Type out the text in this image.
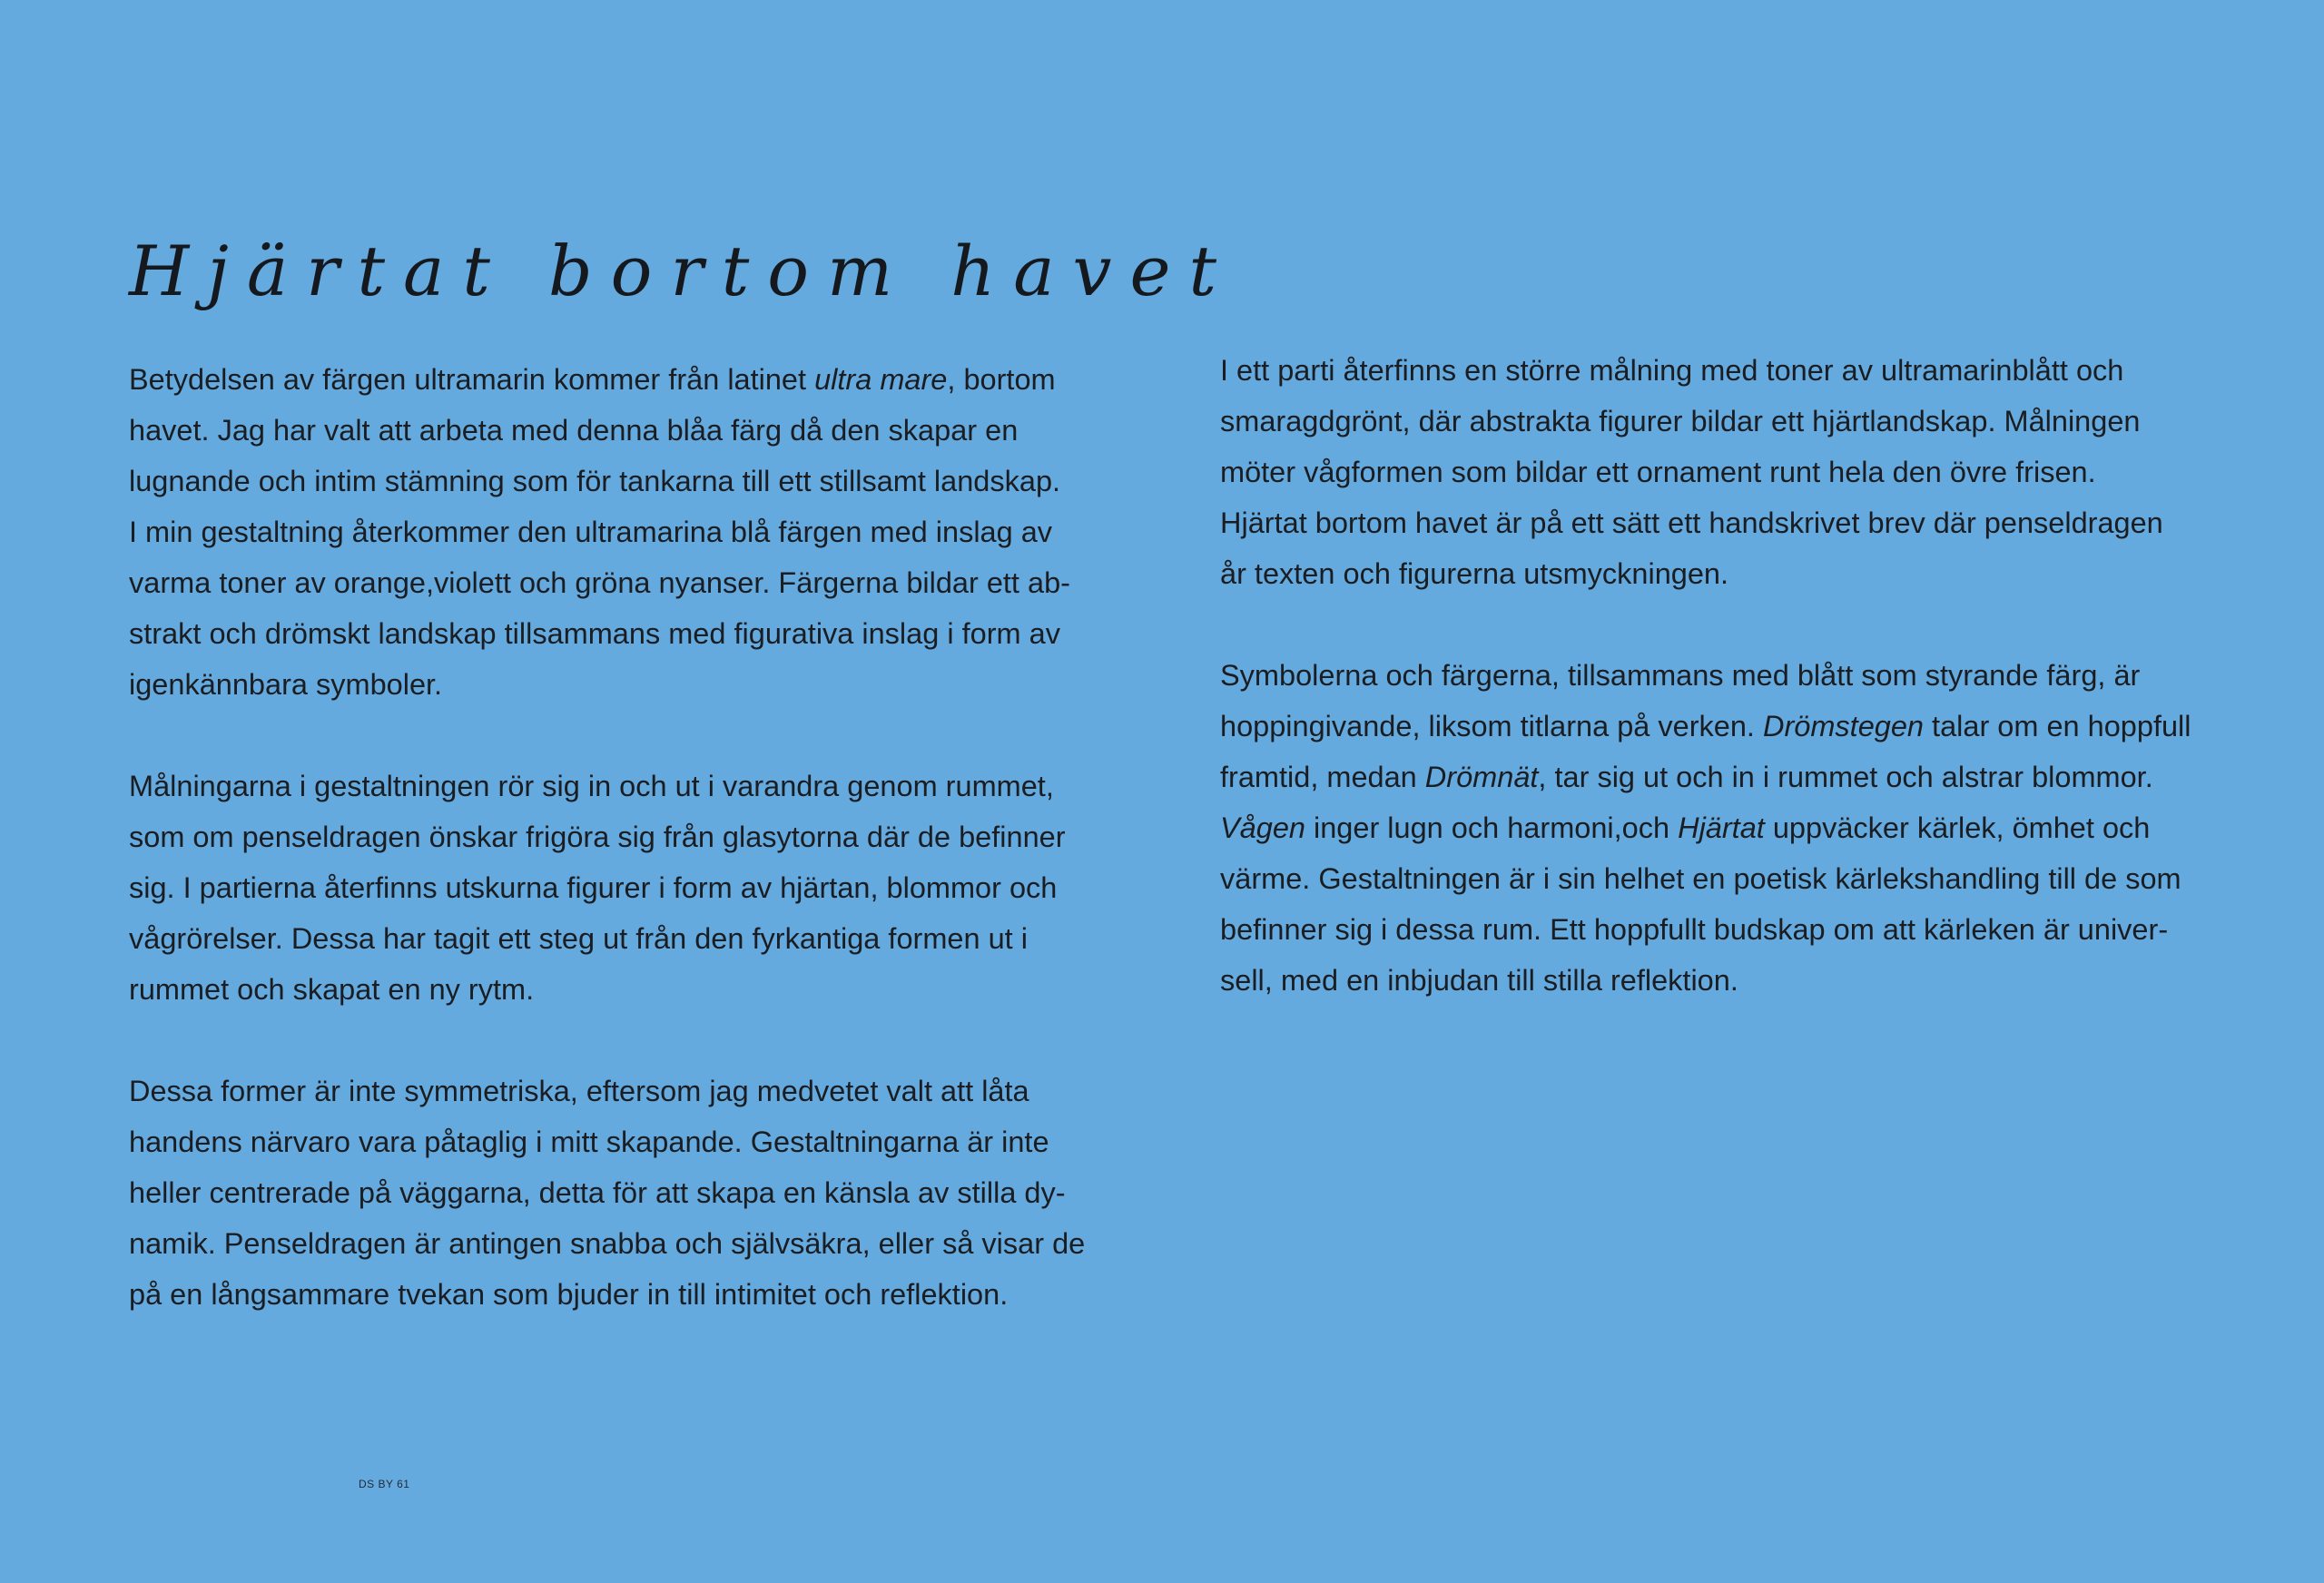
Hjärtat bortom havet

Betydelsen av färgen ultramarin kommer från latinet ultra mare, bortom
havet. Jag har valt att arbeta med denna blåa färg då den skapar en
lugnande och intim stämning som för tankarna till ett stillsamt landskap.
I min gestaltning återkommer den ultramarina blå färgen med inslag av
varma toner av orange,violett och gröna nyanser. Färgerna bildar ett ab-
strakt och drömskt landskap tillsammans med figurativa inslag i form av
igenkännbara symboler.

Målningarna i gestaltningen rör sig in och ut i varandra genom rummet,
som om penseldragen önskar frigöra sig från glasytorna där de befinner
sig. I partierna återfinns utskurna figurer i form av hjärtan, blommor och
vågrörelser. Dessa har tagit ett steg ut från den fyrkantiga formen ut i
rummet och skapat en ny rytm.

Dessa former är inte symmetriska, eftersom jag medvetet valt att låta
handens närvaro vara påtaglig i mitt skapande. Gestaltningarna är inte
heller centrerade på väggarna, detta för att skapa en känsla av stilla dy-
namik. Penseldragen är antingen snabba och självsäkra, eller så visar de
på en långsammare tvekan som bjuder in till intimitet och reflektion.

I ett parti återfinns en större målning med toner av ultramarinblått och
smaragdgrönt, där abstrakta figurer bildar ett hjärtlandskap. Målningen
möter vågformen som bildar ett ornament runt hela den övre frisen.
Hjärtat bortom havet är på ett sätt ett handskrivet brev där penseldragen
år texten och figurerna utsmyckningen.

Symbolerna och färgerna, tillsammans med blått som styrande färg, är
hoppingivande, liksom titlarna på verken. Drömstegen talar om en hoppfull
framtid, medan Drömnät, tar sig ut och in i rummet och alstrar blommor.
Vågen inger lugn och harmoni,och Hjärtat uppväcker kärlek, ömhet och
värme. Gestaltningen är i sin helhet en poetisk kärlekshandling till de som
befinner sig i dessa rum. Ett hoppfullt budskap om att kärleken är univer-
sell, med en inbjudan till stilla reflektion.

DS BY 61
